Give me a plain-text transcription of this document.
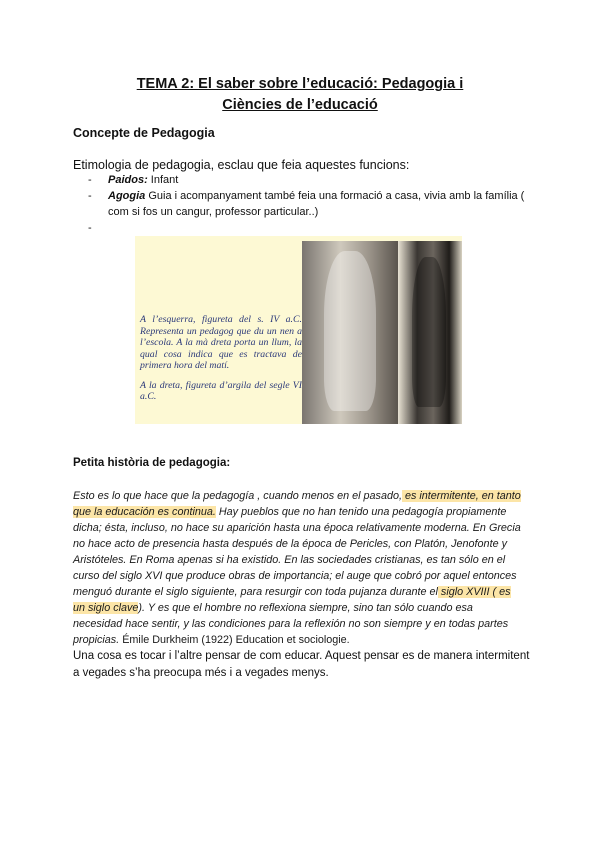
TEMA 2: El saber sobre l’educació: Pedagogia i
Ciències de l’educació
Concepte de Pedagogia
Etimologia de pedagogia, esclau que feia aquestes funcions:
- Paidos: Infant
- Agogia Guia i acompanyament també feia una formació a casa, vivia amb la família ( com si fos un cangur, professor particular..)

A l’esquerra, figureta del s. IV a.C. Representa un pedagog que du un nen a l’escola. A la mà dreta porta un llum, la qual cosa indica que es tractava de primera hora del matí.

A la dreta, figureta d’argila del segle VI a.C.

Petita història de pedagogia:
Esto es lo que hace que la pedagogía , cuando menos en el pasado, es intermitente, en tanto que la educación es continua. Hay pueblos que no han tenido una pedagogía propiamente dicha; ésta, incluso, no hace su aparición hasta una época relativamente moderna. En Grecia no hace acto de presencia hasta después de la época de Pericles, con Platón, Jenofonte y Aristóteles. En Roma apenas si ha existido. En las sociedades cristianas, es tan sólo en el curso del siglo XVI que produce obras de importancia; el auge que cobró por aquel entonces menguó durante el siglo siguiente, para resurgir con toda pujanza durante el siglo XVIII ( es un siglo clave). Y es que el hombre no reflexiona siempre, sino tan sólo cuando esa necesidad hace sentir, y las condiciones para la reflexión no son siempre y en todas partes propicias. Émile Durkheim (1922) Education et sociologie.
Una cosa es tocar i l’altre pensar de com educar. Aquest pensar es de manera intermitent a vegades s’ha preocupa més i a vegades menys.
